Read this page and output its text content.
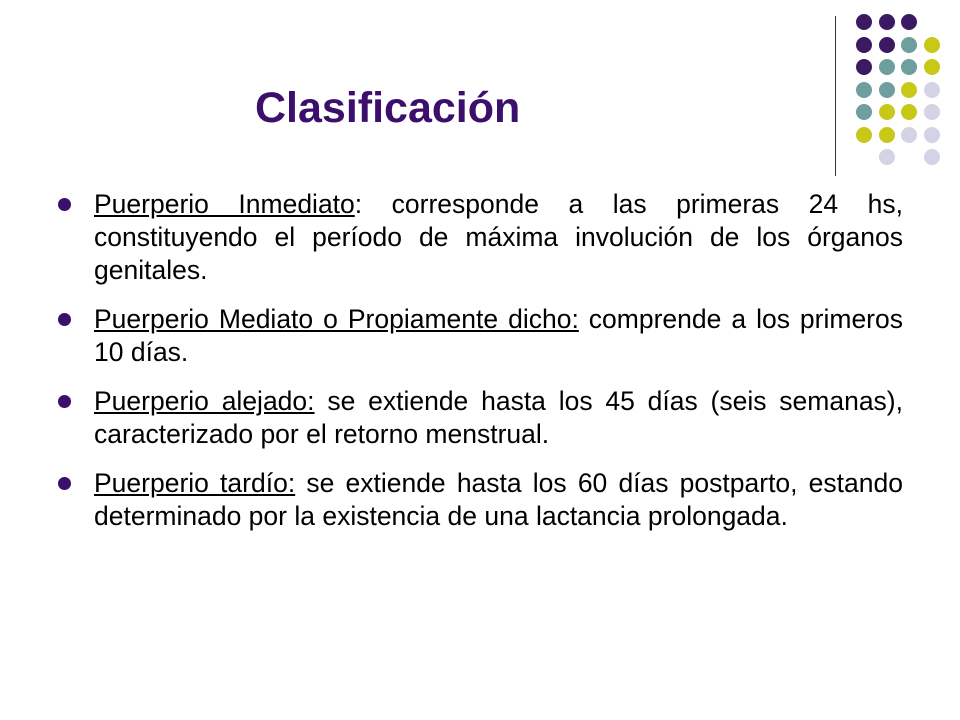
Clasificación
Puerperio Inmediato: corresponde a las primeras 24 hs, constituyendo el período de máxima involución de los órganos genitales.
Puerperio Mediato o Propiamente dicho: comprende a los primeros 10 días.
Puerperio alejado: se extiende hasta los 45 días (seis semanas), caracterizado por el retorno menstrual.
Puerperio tardío: se extiende hasta los 60 días postparto, estando determinado por la existencia de una lactancia prolongada.
